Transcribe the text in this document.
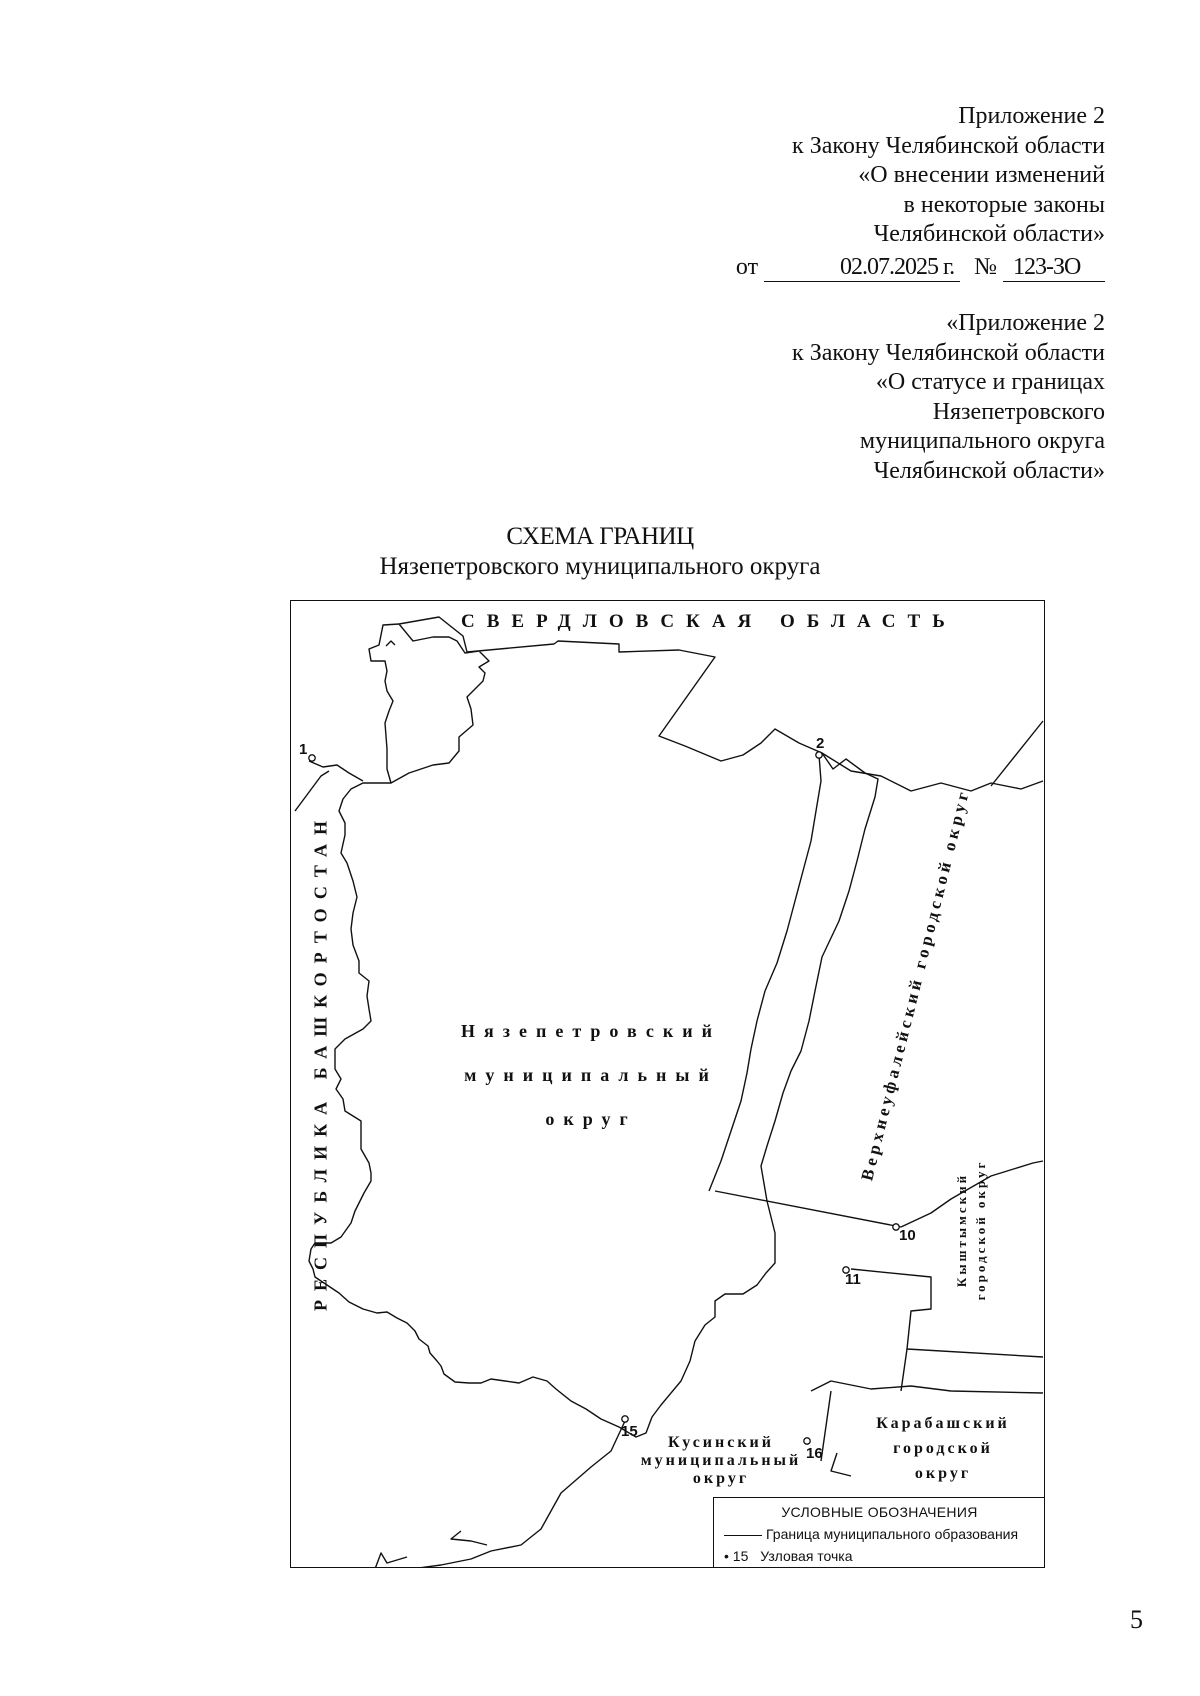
Приложение 2
к Закону Челябинской области
«О внесении изменений
в некоторые законы
Челябинской области»
от	02.07.2025 г. № 123-ЗО
«Приложение 2
к Закону Челябинской области
«О статусе и границах
Нязепетровского
муниципального округа
Челябинской области»
СХЕМА ГРАНИЦ
Нязепетровского муниципального округа
СВЕРДЛОВСКАЯ ОБЛАСТЬ
РЕСПУБЛИКА БАШКОРТОСТАН	Нязепетровский
муниципальный
округ	Верхнеуфалейский городской округ
Кыштымский городской округ
Карабашский
городской
округ
Кусинский
муниципальный
округ
1	2
10
11
15
16
УСЛОВНЫЕ ОБОЗНАЧЕНИЯ
Граница муниципального образования
• 15 Узловая точка
5
